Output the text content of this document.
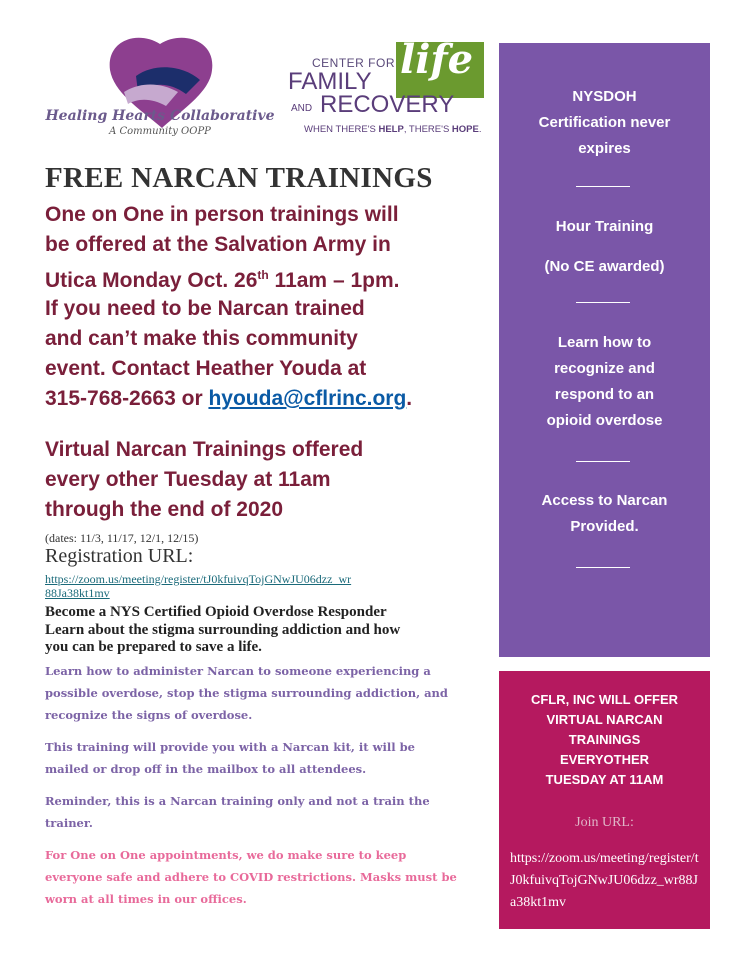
Healing Hearts Collaborative
A Community OOPP
life
CENTER FOR
FAMILY
AND RECOVERY
WHEN THERE'S HELP, THERE'S HOPE.
FREE NARCAN TRAININGS
One on One in person trainings will
be offered at the Salvation Army in
Utica Monday Oct. 26th 11am – 1pm.
If you need to be Narcan trained
and can’t make this community
event. Contact Heather Youda at
315-768-2663 or hyouda@cflrinc.org.
Virtual Narcan Trainings offered
every other Tuesday at 11am
through the end of 2020
(dates: 11/3, 11/17, 12/1, 12/15)
Registration URL:
https://zoom.us/meeting/register/tJ0kfuivqTojGNwJU06dzz_wr
88Ja38kt1mv
Become a NYS Certified Opioid Overdose Responder
Learn about the stigma surrounding addiction and how
you can be prepared to save a life.
Learn how to administer Narcan to someone experiencing a
possible overdose, stop the stigma surrounding addiction, and
recognize the signs of overdose.
This training will provide you with a Narcan kit, it will be
mailed or drop off in the mailbox to all attendees.
Reminder, this is a Narcan training only and not a train the
trainer.
For One on One appointments, we do make sure to keep
everyone safe and adhere to COVID restrictions. Masks must be
worn at all times in our offices.
NYSDOH
Certification never
expires
Hour Training
(No CE awarded)
Learn how to
recognize and
respond to an
opioid overdose
Access to Narcan
Provided.
CFLR, INC WILL OFFER
VIRTUAL NARCAN
TRAININGS
EVERYOTHER
TUESDAY AT 11AM
Join URL:
https://zoom.us/meeting/register/tJ0kfuivqTojGNwJU06dzz_wr88Ja38kt1mv
